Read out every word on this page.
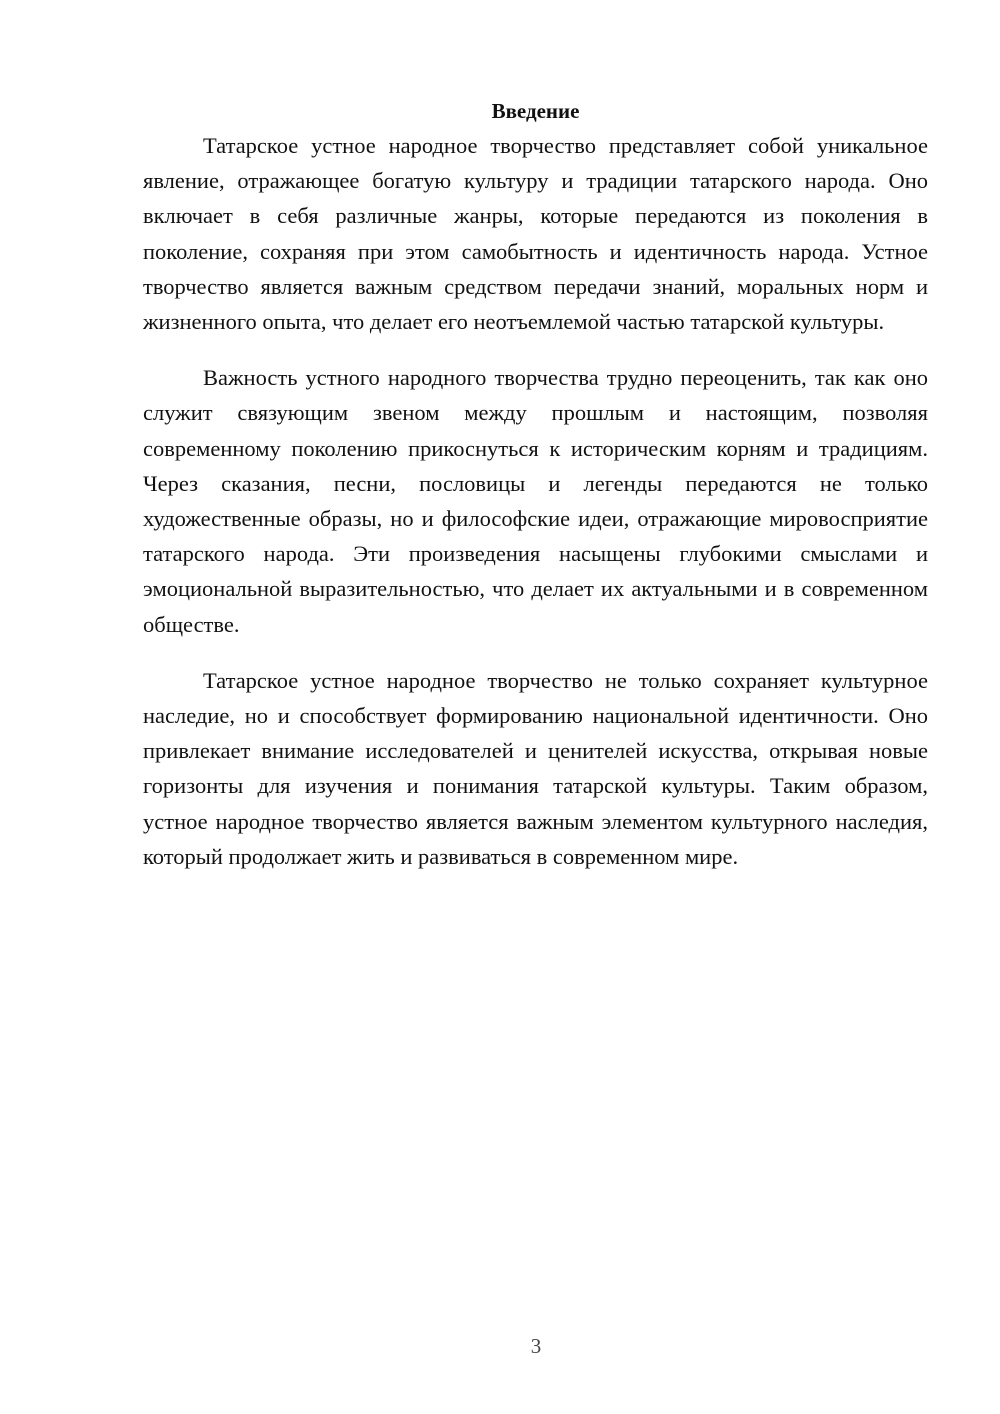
Введение

Татарское устное народное творчество представляет собой уникальное явление, отражающее богатую культуру и традиции татарского народа. Оно включает в себя различные жанры, которые передаются из поколения в поколение, сохраняя при этом самобытность и идентичность народа. Устное творчество является важным средством передачи знаний, моральных норм и жизненного опыта, что делает его неотъемлемой частью татарской культуры.

Важность устного народного творчества трудно переоценить, так как оно служит связующим звеном между прошлым и настоящим, позволяя современному поколению прикоснуться к историческим корням и традициям. Через сказания, песни, пословицы и легенды передаются не только художественные образы, но и философские идеи, отражающие мировосприятие татарского народа. Эти произведения насыщены глубокими смыслами и эмоциональной выразительностью, что делает их актуальными и в современном обществе.

Татарское устное народное творчество не только сохраняет культурное наследие, но и способствует формированию национальной идентичности. Оно привлекает внимание исследователей и ценителей искусства, открывая новые горизонты для изучения и понимания татарской культуры. Таким образом, устное народное творчество является важным элементом культурного наследия, который продолжает жить и развиваться в современном мире.

3
